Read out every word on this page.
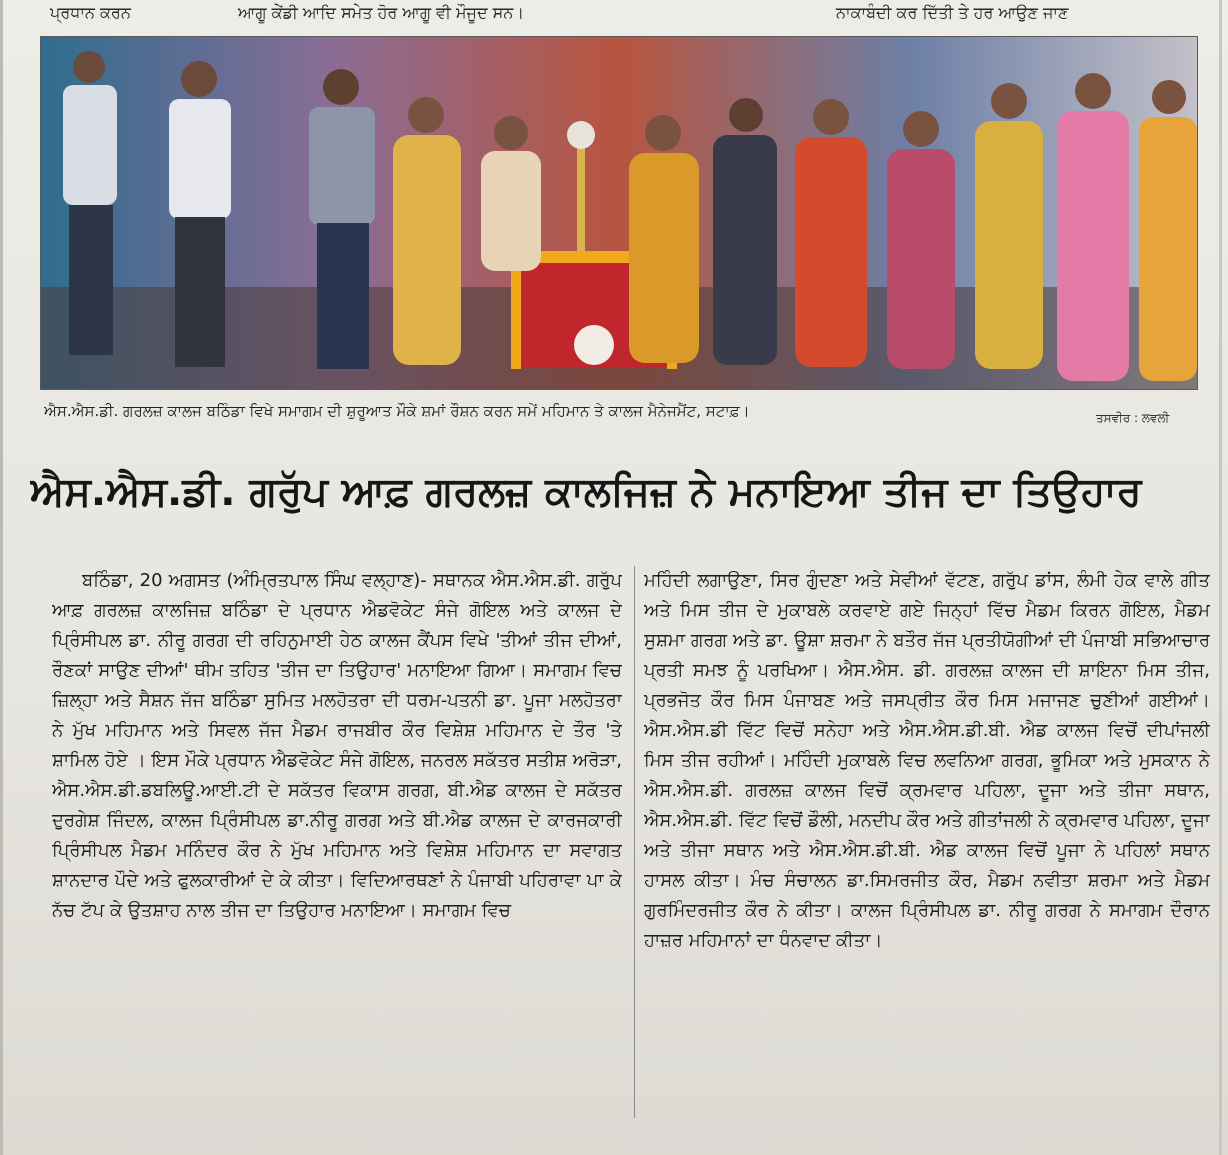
ਪ੍ਰਧਾਨ ਕਰਨ	ਆਗੂ ਕੇਂਡੀ ਆਦਿ ਸਮੇਤ ਹੋਰ ਆਗੂ ਵੀ ਮੌਜੂਦ ਸਨ।	ਨਾਕਾਬੰਦੀ ਕਰ ਦਿੱਤੀ ਤੇ ਹਰ ਆਉਣ ਜਾਣ
ਐਸ.ਐਸ.ਡੀ. ਗਰਲਜ਼ ਕਾਲਜ ਬਠਿੰਡਾ ਵਿਖੇ ਸਮਾਗਮ ਦੀ ਸ਼ੁਰੂਆਤ ਮੌਕੇ ਸ਼ਮਾਂ ਰੌਸ਼ਨ ਕਰਨ ਸਮੇਂ ਮਹਿਮਾਨ ਤੇ ਕਾਲਜ ਮੈਨੇਜਮੈਂਟ, ਸਟਾਫ਼।	ਤਸਵੀਰ : ਲਵਲੀ
ਐਸ.ਐਸ.ਡੀ. ਗਰੁੱਪ ਆਫ਼ ਗਰਲਜ਼ ਕਾਲਜਿਜ਼ ਨੇ ਮਨਾਇਆ ਤੀਜ ਦਾ ਤਿਉਹਾਰ
ਬਠਿੰਡਾ, 20 ਅਗਸਤ (ਅੰਮ੍ਰਿਤਪਾਲ ਸਿੰਘ ਵਲ੍ਹਾਣ)- ਸਥਾਨਕ ਐਸ.ਐਸ.ਡੀ. ਗਰੁੱਪ ਆਫ਼ ਗਰਲਜ਼ ਕਾਲਜਿਜ਼ ਬਠਿੰਡਾ ਦੇ ਪ੍ਰਧਾਨ ਐਡਵੋਕੇਟ ਸੰਜੇ ਗੋਇਲ ਅਤੇ ਕਾਲਜ ਦੇ ਪ੍ਰਿੰਸੀਪਲ ਡਾ. ਨੀਰੂ ਗਰਗ ਦੀ ਰਹਿਨੁਮਾਈ ਹੇਠ ਕਾਲਜ ਕੈਂਪਸ ਵਿਖੇ 'ਤੀਆਂ ਤੀਜ ਦੀਆਂ, ਰੌਣਕਾਂ ਸਾਉਣ ਦੀਆਂ' ਥੀਮ ਤਹਿਤ 'ਤੀਜ ਦਾ ਤਿਉਹਾਰ' ਮਨਾਇਆ ਗਿਆ। ਸਮਾਗਮ ਵਿਚ ਜ਼ਿਲ੍ਹਾ ਅਤੇ ਸੈਸ਼ਨ ਜੱਜ ਬਠਿੰਡਾ ਸੁਮਿਤ ਮਲਹੋਤਰਾ ਦੀ ਧਰਮ-ਪਤਨੀ ਡਾ. ਪੂਜਾ ਮਲਹੋਤਰਾ ਨੇ ਮੁੱਖ ਮਹਿਮਾਨ ਅਤੇ ਸਿਵਲ ਜੱਜ ਮੈਡਮ ਰਾਜਬੀਰ ਕੌਰ ਵਿਸ਼ੇਸ਼ ਮਹਿਮਾਨ ਦੇ ਤੌਰ 'ਤੇ ਸ਼ਾਮਿਲ ਹੋਏ । ਇਸ ਮੌਕੇ ਪ੍ਰਧਾਨ ਐਡਵੋਕੇਟ ਸੰਜੇ ਗੋਇਲ, ਜਨਰਲ ਸਕੱਤਰ ਸਤੀਸ਼ ਅਰੋੜਾ, ਐਸ.ਐਸ.ਡੀ.ਡਬਲਿਊ.ਆਈ.ਟੀ ਦੇ ਸਕੱਤਰ ਵਿਕਾਸ ਗਰਗ, ਬੀ.ਐਡ ਕਾਲਜ ਦੇ ਸਕੱਤਰ ਦੁਰਗੇਸ਼ ਜਿੰਦਲ, ਕਾਲਜ ਪ੍ਰਿੰਸੀਪਲ ਡਾ.ਨੀਰੂ ਗਰਗ ਅਤੇ ਬੀ.ਐਡ ਕਾਲਜ ਦੇ ਕਾਰਜਕਾਰੀ ਪ੍ਰਿੰਸੀਪਲ ਮੈਡਮ ਮਨਿੰਦਰ ਕੌਰ ਨੇ ਮੁੱਖ ਮਹਿਮਾਨ ਅਤੇ ਵਿਸ਼ੇਸ਼ ਮਹਿਮਾਨ ਦਾ ਸਵਾਗਤ ਸ਼ਾਨਦਾਰ ਪੌਦੇ ਅਤੇ ਫੁਲਕਾਰੀਆਂ ਦੇ ਕੇ ਕੀਤਾ। ਵਿਦਿਆਰਥਣਾਂ ਨੇ ਪੰਜਾਬੀ ਪਹਿਰਾਵਾ ਪਾ ਕੇ ਨੱਚ ਟੱਪ ਕੇ ਉਤਸ਼ਾਹ ਨਾਲ ਤੀਜ ਦਾ ਤਿਉਹਾਰ ਮਨਾਇਆ। ਸਮਾਗਮ ਵਿਚ
ਮਹਿੰਦੀ ਲਗਾਉਣਾ, ਸਿਰ ਗੁੰਦਣਾ ਅਤੇ ਸੇਵੀਆਂ ਵੱਟਣ, ਗਰੁੱਪ ਡਾਂਸ, ਲੰਮੀ ਹੇਕ ਵਾਲੇ ਗੀਤ ਅਤੇ ਮਿਸ ਤੀਜ ਦੇ ਮੁਕਾਬਲੇ ਕਰਵਾਏ ਗਏ ਜਿਨ੍ਹਾਂ ਵਿੱਚ ਮੈਡਮ ਕਿਰਨ ਗੋਇਲ, ਮੈਡਮ ਸੁਸ਼ਮਾ ਗਰਗ ਅਤੇ ਡਾ. ਊਸ਼ਾ ਸ਼ਰਮਾ ਨੇ ਬਤੌਰ ਜੱਜ ਪ੍ਰਤੀਯੋਗੀਆਂ ਦੀ ਪੰਜਾਬੀ ਸਭਿਆਚਾਰ ਪ੍ਰਤੀ ਸਮਝ ਨੂੰ ਪਰਖਿਆ। ਐਸ.ਐਸ. ਡੀ. ਗਰਲਜ਼ ਕਾਲਜ ਦੀ ਸ਼ਾਇਨਾ ਮਿਸ ਤੀਜ, ਪ੍ਰਭਜੋਤ ਕੌਰ ਮਿਸ ਪੰਜਾਬਣ ਅਤੇ ਜਸਪ੍ਰੀਤ ਕੌਰ ਮਿਸ ਮਜਾਜਣ ਚੁਣੀਆਂ ਗਈਆਂ। ਐਸ.ਐਸ.ਡੀ ਵਿੱਟ ਵਿਚੋਂ ਸਨੇਹਾ ਅਤੇ ਐਸ.ਐਸ.ਡੀ.ਬੀ. ਐਡ ਕਾਲਜ ਵਿਚੋਂ ਦੀਪਾਂਜਲੀ ਮਿਸ ਤੀਜ ਰਹੀਆਂ। ਮਹਿੰਦੀ ਮੁਕਾਬਲੇ ਵਿਚ ਲਵਨਿਆ ਗਰਗ, ਭੂਮਿਕਾ ਅਤੇ ਮੁਸਕਾਨ ਨੇ ਐਸ.ਐਸ.ਡੀ. ਗਰਲਜ਼ ਕਾਲਜ ਵਿਚੋਂ ਕ੍ਰਮਵਾਰ ਪਹਿਲਾ, ਦੂਜਾ ਅਤੇ ਤੀਜਾ ਸਥਾਨ, ਐਸ.ਐਸ.ਡੀ. ਵਿੱਟ ਵਿਚੋਂ ਡੌਲੀ, ਮਨਦੀਪ ਕੌਰ ਅਤੇ ਗੀਤਾਂਜਲੀ ਨੇ ਕ੍ਰਮਵਾਰ ਪਹਿਲਾ, ਦੂਜਾ ਅਤੇ ਤੀਜਾ ਸਥਾਨ ਅਤੇ ਐਸ.ਐਸ.ਡੀ.ਬੀ. ਐਡ ਕਾਲਜ ਵਿਚੋਂ ਪੂਜਾ ਨੇ ਪਹਿਲਾਂ ਸਥਾਨ ਹਾਸਲ ਕੀਤਾ। ਮੰਚ ਸੰਚਾਲਨ ਡਾ.ਸਿਮਰਜੀਤ ਕੌਰ, ਮੈਡਮ ਨਵੀਤਾ ਸ਼ਰਮਾ ਅਤੇ ਮੈਡਮ ਗੁਰਮਿੰਦਰਜੀਤ ਕੌਰ ਨੇ ਕੀਤਾ। ਕਾਲਜ ਪ੍ਰਿੰਸੀਪਲ ਡਾ. ਨੀਰੂ ਗਰਗ ਨੇ ਸਮਾਗਮ ਦੌਰਾਨ ਹਾਜ਼ਰ ਮਹਿਮਾਨਾਂ ਦਾ ਧੰਨਵਾਦ ਕੀਤਾ।
